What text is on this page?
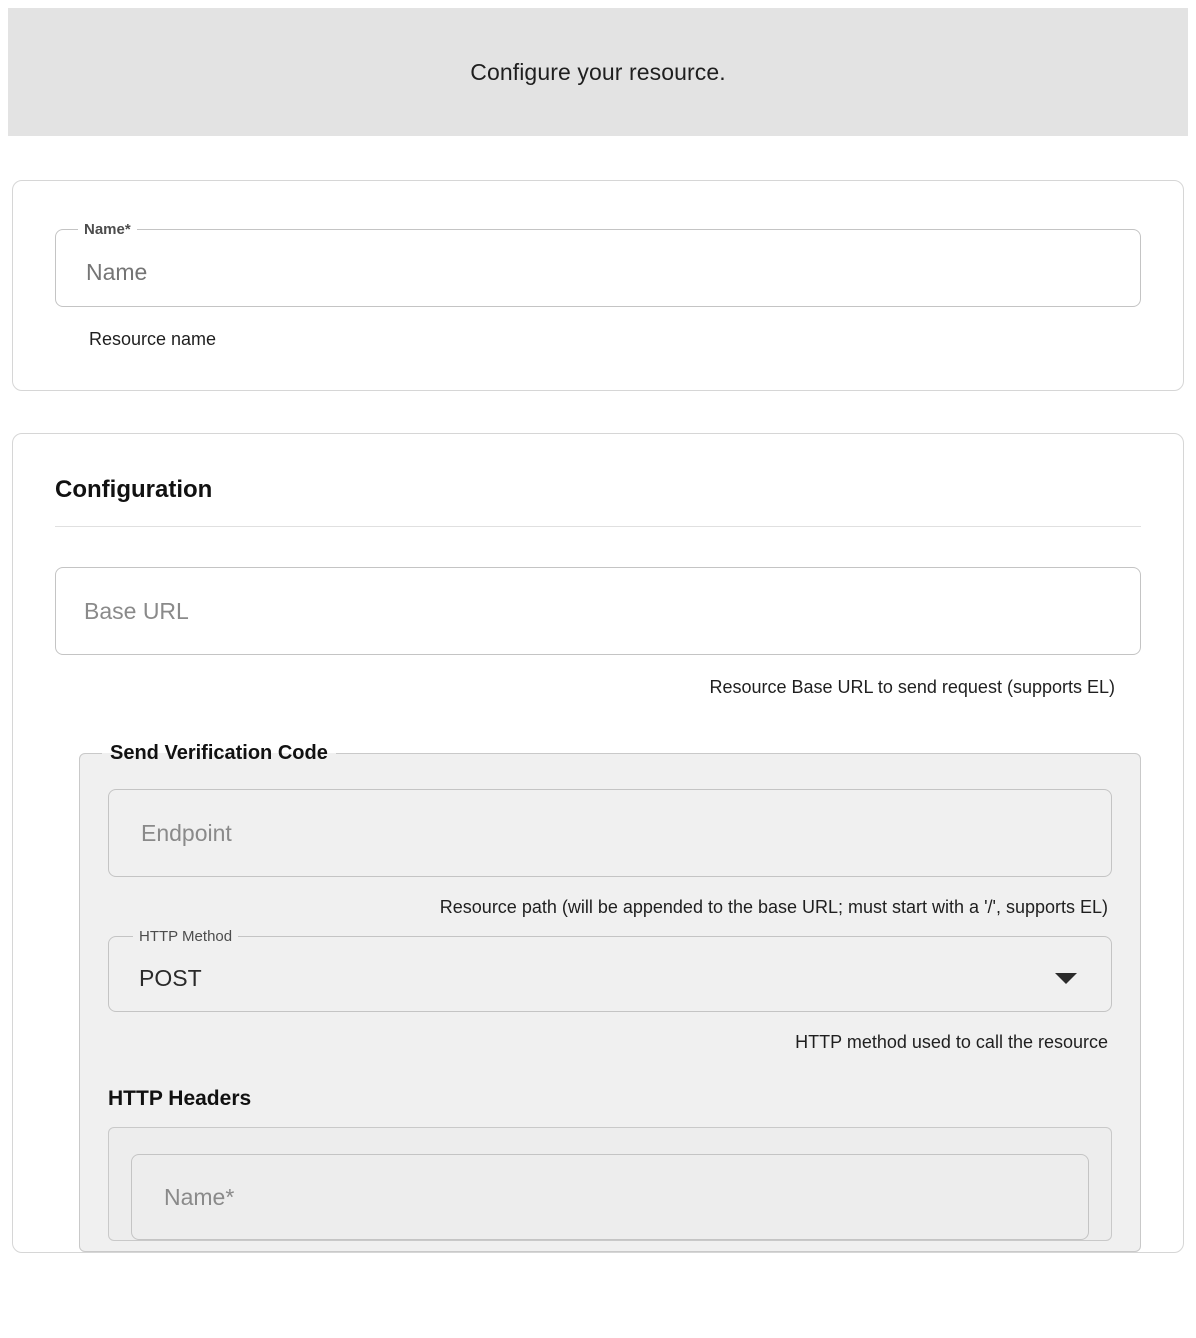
Configure your resource.
Name*
Name
Resource name
Configuration
Base URL
Resource Base URL to send request (supports EL)
Send Verification Code
Endpoint
Resource path (will be appended to the base URL; must start with a '/', supports EL)
HTTP Method
POST
HTTP method used to call the resource
HTTP Headers
Name*
